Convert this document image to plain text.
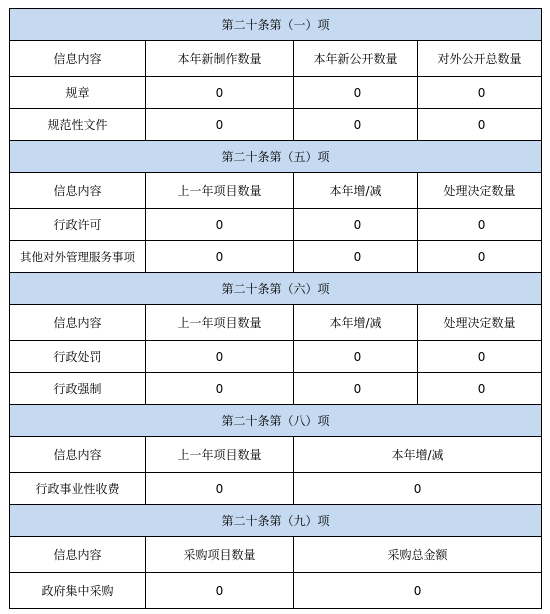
第二十条第（一）项			
信息内容	本年新制作数量	本年新公开数量	对外公开总数量
规章	0	0	0
规范性文件	0	0	0
第二十条第（五）项			
信息内容	上一年项目数量	本年增/减	处理决定数量
行政许可	0	0	0
其他对外管理服务事项	0	0	0
第二十条第（六）项			
信息内容	上一年项目数量	本年增/减	处理决定数量
行政处罚	0	0	0
行政强制	0	0	0
第二十条第（八）项			
信息内容	上一年项目数量	本年增/减	
行政事业性收费	0	0	
第二十条第（九）项			
信息内容	采购项目数量	采购总金额	
政府集中采购	0	0	
